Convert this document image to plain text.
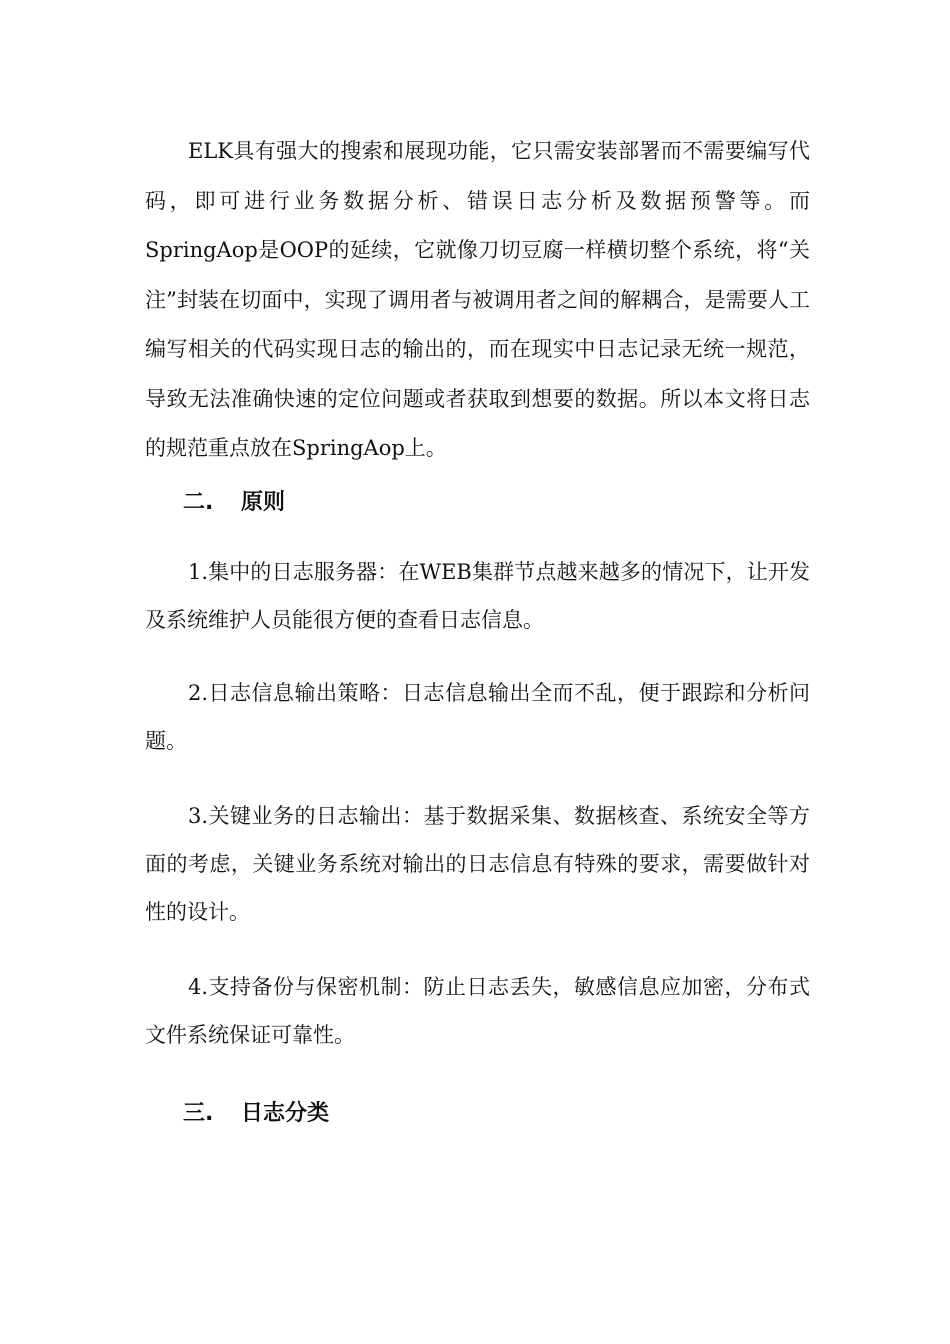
ELK具有强大的搜索和展现功能，它只需安装部署而不需要编写代码，即可进行业务数据分析、错误日志分析及数据预警等。而SpringAop是OOP的延续，它就像刀切豆腐一样横切整个系统，将“关注”封装在切面中，实现了调用者与被调用者之间的解耦合，是需要人工编写相关的代码实现日志的输出的，而在现实中日志记录无统一规范，导致无法准确快速的定位问题或者获取到想要的数据。所以本文将日志的规范重点放在SpringAop上。

二. 原则

1.集中的日志服务器：在WEB集群节点越来越多的情况下，让开发及系统维护人员能很方便的查看日志信息。

2.日志信息输出策略：日志信息输出全而不乱，便于跟踪和分析问题。

3.关键业务的日志输出：基于数据采集、数据核查、系统安全等方面的考虑，关键业务系统对输出的日志信息有特殊的要求，需要做针对性的设计。

4.支持备份与保密机制：防止日志丢失，敏感信息应加密，分布式文件系统保证可靠性。

三. 日志分类
